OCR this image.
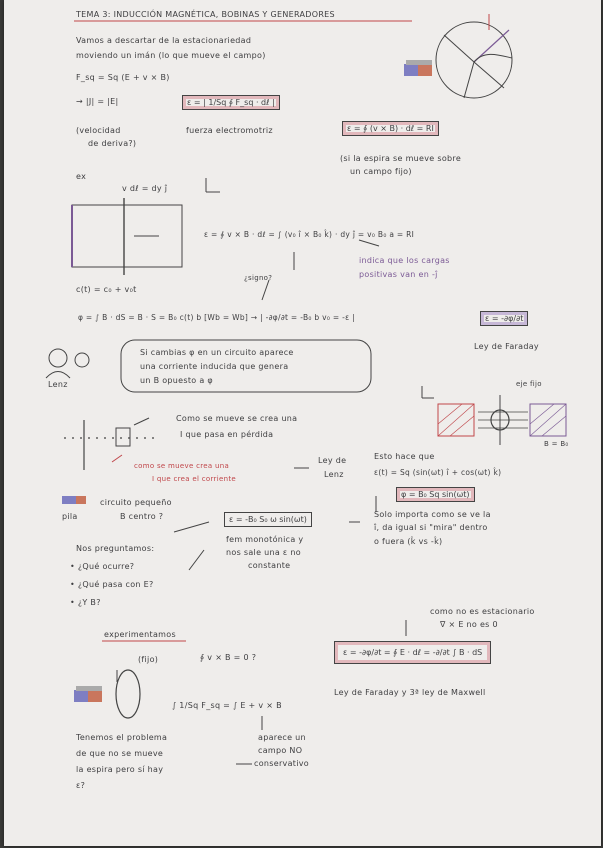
TEMA 3: INDUCCIÓN MAGNÉTICA, BOBINAS Y GENERADORES
Vamos a descartar de la estacionariedad
moviendo un imán (lo que mueve el campo)
F_sq = Sq (E + v × B)
→ |J| = |E|
(velocidad
de deriva?)
ε = | 1/Sq ∮ F_sq · dℓ |
fuerza electromotriz	ε = ∮ (v × B) · dℓ = RI
(si la espira se mueve sobre
un campo fijo)
ex
v dℓ = dy ĵ
ε = ∮ v × B · dℓ = ∫ (v₀ î × B₀ k̂) · dy ĵ = v₀ B₀ a = RI
indica que los cargas
positivas van en -ĵ
¿signo?
c(t) = c₀ + v₀t
φ = ∫ B · dS = B · S = B₀ c(t) b [Wb = Wb] → | -∂φ/∂t = -B₀ b v₀ = -ε |	ε = -∂φ/∂t
Ley de Faraday
Lenz
Si cambias φ en un circuito aparece
una corriente inducida que genera
un B opuesto a φ	eje fijo
B = B₀
Como se mueve se crea una
I que pasa en pérdida
como se mueve crea una
I que crea el corriente
Ley de
Lenz
Esto hace que
ε(t) = Sq (sin(ωt) î + cos(ωt) k̂)
φ = B₀ Sq sin(ωt)
Solo importa como se ve la
î, da igual si "mira" dentro
o fuera (k̂ vs -k̂)
pila
circuito pequeño
B centro ?	ε = -B₀ S₀ ω sin(ωt)
fem monotónica y
nos sale una ε no
constante
Nos preguntamos:
• ¿Qué ocurre?
• ¿Qué pasa con E?
• ¿Y B?
experimentamos
(fijo)	∮ v × B = 0 ?
∫ 1/Sq F_sq = ∫ E + v × B
aparece un
campo NO
conservativo
Tenemos el problema
de que no se mueve
la espira pero sí hay
ε?
como no es estacionario
∇ × E no es 0
ε = -∂φ/∂t = ∮ E · dℓ = -∂/∂t ∫ B · dS
Ley de Faraday y 3ª ley de Maxwell
